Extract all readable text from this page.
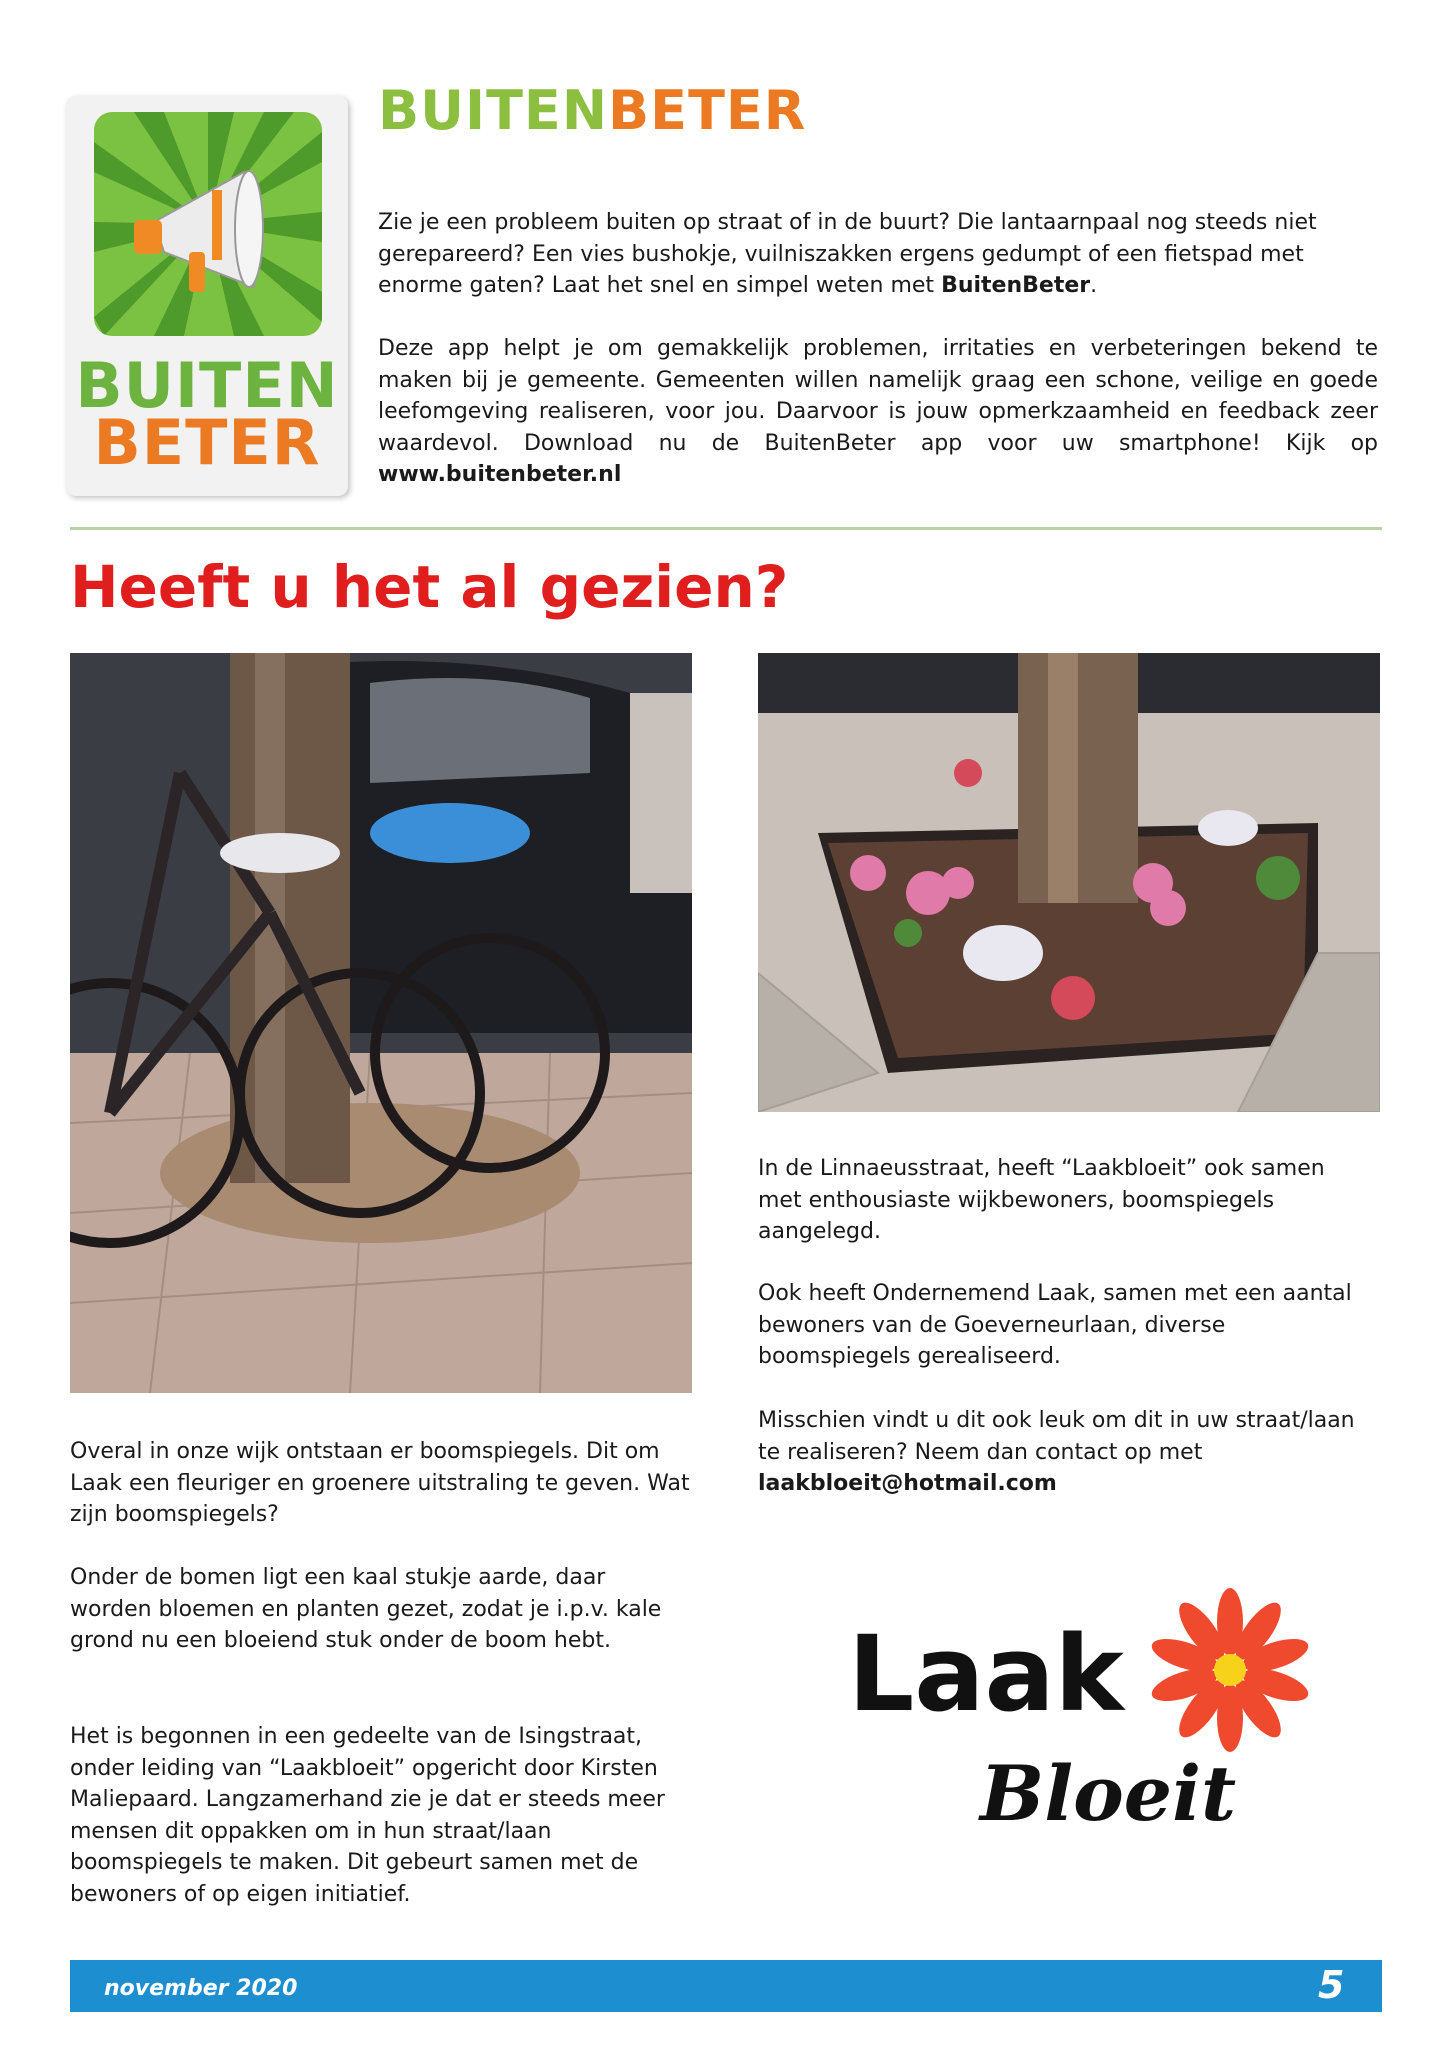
BUITEN
BETER
BUITENBETER
Zie je een probleem buiten op straat of in de buurt? Die lantaarnpaal nog steeds niet gerepareerd? Een vies bushokje, vuilniszakken ergens gedumpt of een fietspad met enorme gaten? Laat het snel en simpel weten met BuitenBeter.
Deze app helpt je om gemakkelijk problemen, irritaties en verbeteringen bekend te maken bij je gemeente. Gemeenten willen namelijk graag een schone, veilige en goede leefomgeving realiseren, voor jou. Daarvoor is jouw opmerkzaamheid en feedback zeer waardevol. Download nu de BuitenBeter app voor uw smartphone! Kijk op www.buitenbeter.nl
Heeft u het al gezien?
In de Linnaeusstraat, heeft “Laakbloeit” ook samen met enthousiaste wijkbewoners, boomspiegels aangelegd.
Ook heeft Ondernemend Laak, samen met een aantal bewoners van de Goeverneurlaan, diverse boomspiegels gerealiseerd.
Misschien vindt u dit ook leuk om dit in uw straat/laan te realiseren? Neem dan contact op met laakbloeit@hotmail.com
Overal in onze wijk ontstaan er boomspiegels. Dit om Laak een fleuriger en groenere uitstraling te geven. Wat zijn boomspiegels?
Onder de bomen ligt een kaal stukje aarde, daar worden bloemen en planten gezet, zodat je i.p.v. kale grond nu een bloeiend stuk onder de boom hebt.
Het is begonnen in een gedeelte van de Isingstraat, onder leiding van “Laakbloeit” opgericht door Kirsten Maliepaard. Langzamerhand zie je dat er steeds meer mensen dit oppakken om in hun straat/laan boomspiegels te maken. Dit gebeurt samen met de bewoners of op eigen initiatief.
Laak
Bloeit
november 2020	5
